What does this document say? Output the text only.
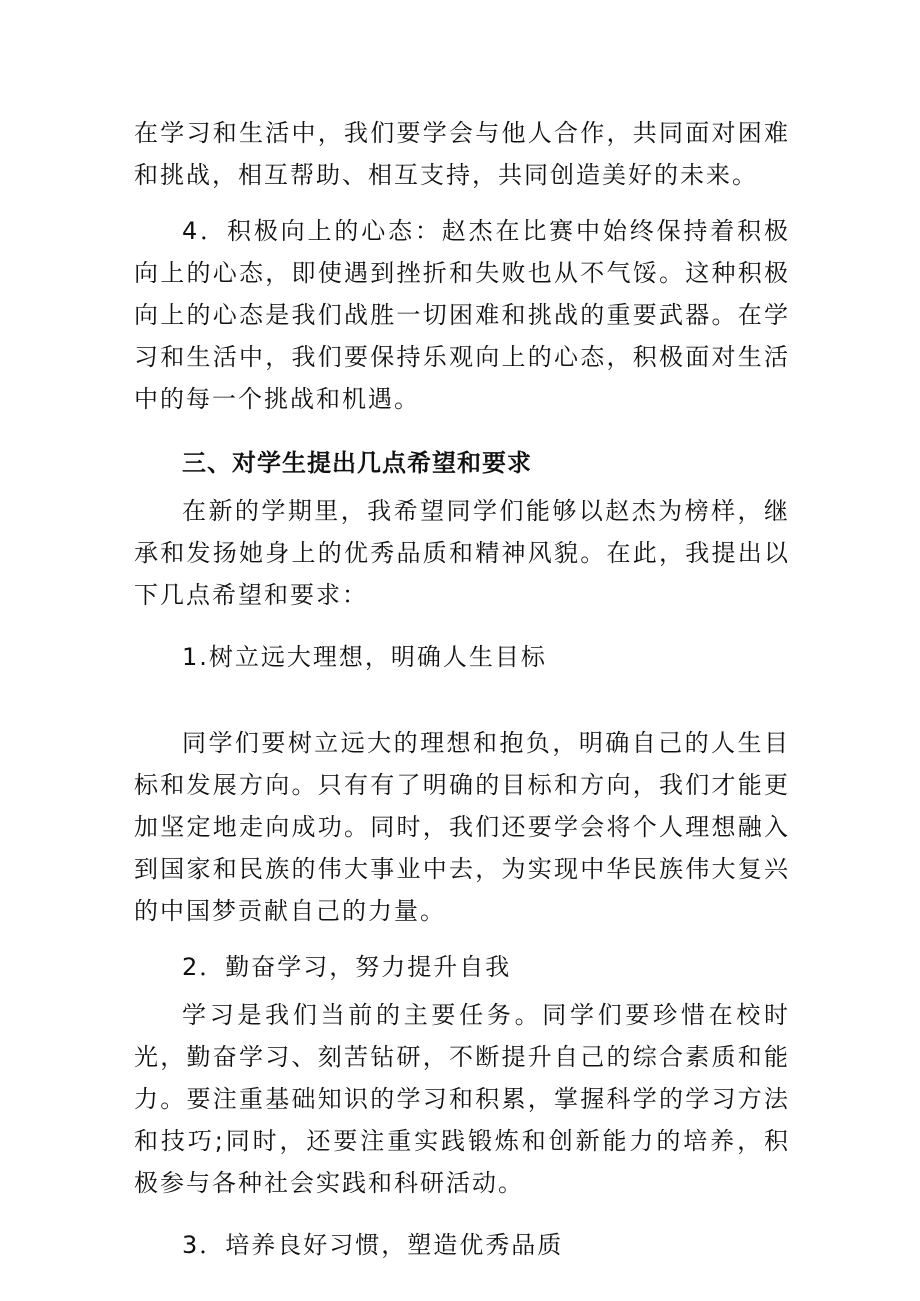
在学习和生活中，我们要学会与他人合作，共同面对困难和挑战，相互帮助、相互支持，共同创造美好的未来。

4．积极向上的心态：赵杰在比赛中始终保持着积极向上的心态，即使遇到挫折和失败也从不气馁。这种积极向上的心态是我们战胜一切困难和挑战的重要武器。在学习和生活中，我们要保持乐观向上的心态，积极面对生活中的每一个挑战和机遇。

三、对学生提出几点希望和要求

在新的学期里，我希望同学们能够以赵杰为榜样，继承和发扬她身上的优秀品质和精神风貌。在此，我提出以下几点希望和要求：

1.树立远大理想，明确人生目标

同学们要树立远大的理想和抱负，明确自己的人生目标和发展方向。只有有了明确的目标和方向，我们才能更加坚定地走向成功。同时，我们还要学会将个人理想融入到国家和民族的伟大事业中去，为实现中华民族伟大复兴的中国梦贡献自己的力量。

2．勤奋学习，努力提升自我

学习是我们当前的主要任务。同学们要珍惜在校时光，勤奋学习、刻苦钻研，不断提升自己的综合素质和能力。要注重基础知识的学习和积累，掌握科学的学习方法和技巧;同时，还要注重实践锻炼和创新能力的培养，积极参与各种社会实践和科研活动。

3．培养良好习惯，塑造优秀品质
